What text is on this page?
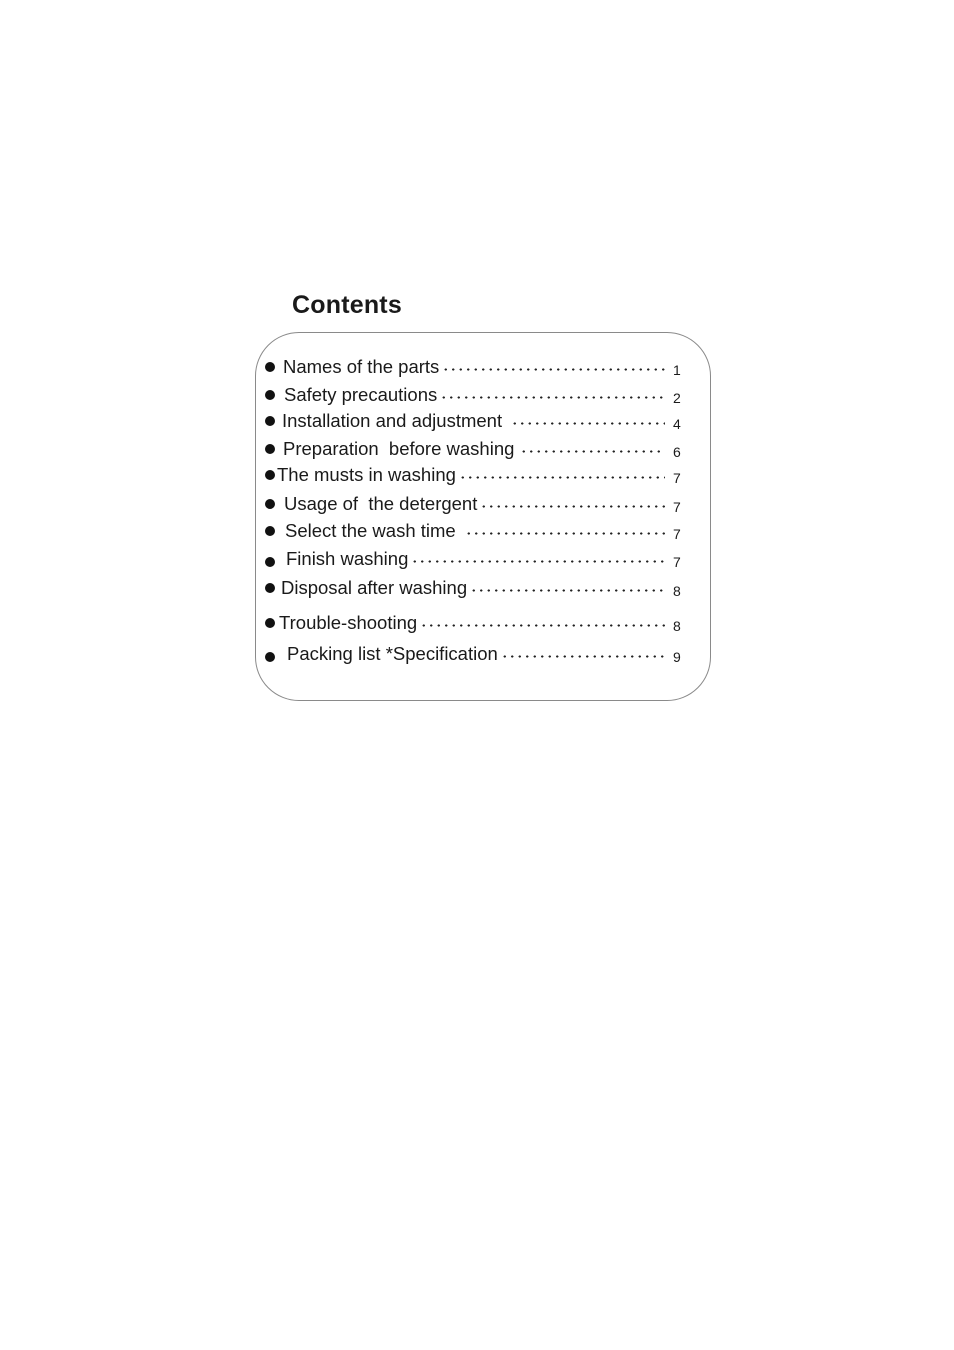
Contents
Names of the parts	1
Safety precautions	2
Installation and adjustment	4
Preparation  before washing	6
The musts in washing	7
Usage of  the detergent	7
Select the wash time	7
Finish washing	7
Disposal after washing	8
Trouble-shooting	8
Packing list *Specification	9
